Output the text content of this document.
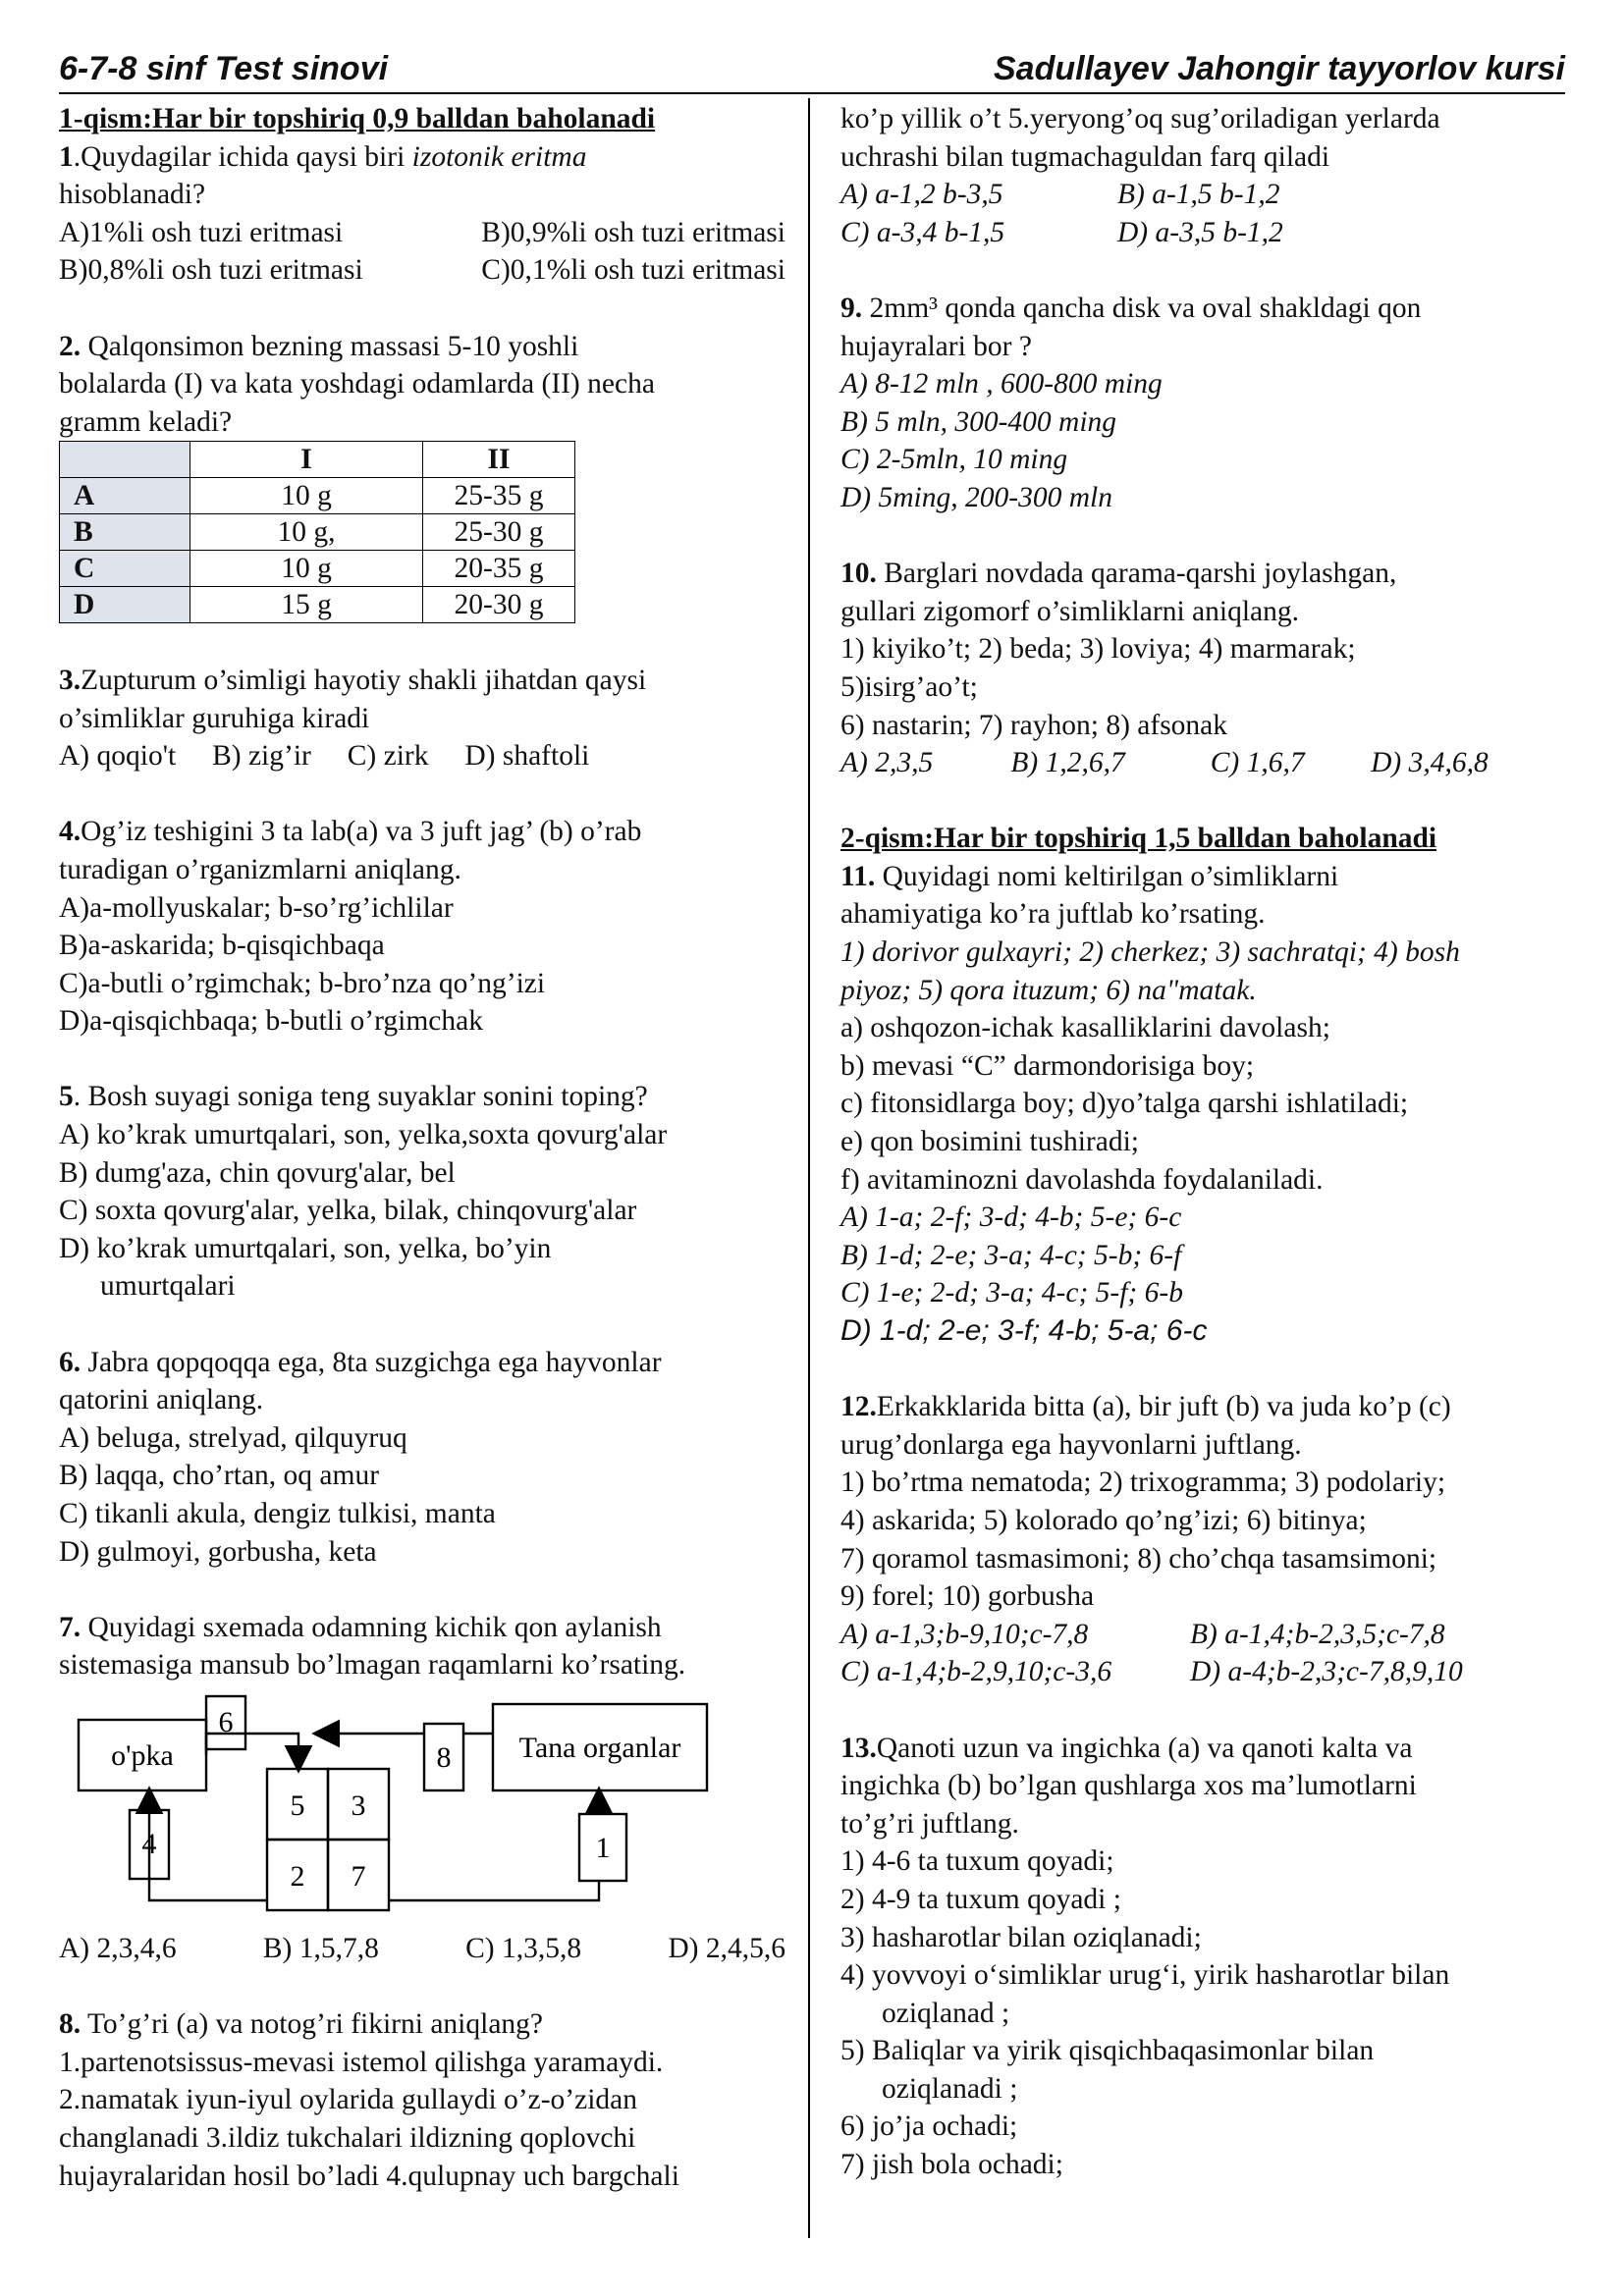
6-7-8 sinf Test sinovi	Sadullayev Jahongir tayyorlov kursi
1-qism:Har bir topshiriq 0,9 balldan baholanadi
1.Quydagilar ichida qaysi biri izotonik eritma
hisoblanadi?
A)1%li osh tuzi eritmasi	B)0,9%li osh tuzi eritmasi
B)0,8%li osh tuzi eritmasi	C)0,1%li osh tuzi eritmasi
2. Qalqonsimon bezning massasi 5-10 yoshli
bolalarda (I) va kata yoshdagi odamlarda (II) necha
gramm keladi?
	I	II
A	10 g	25-35 g
B	10 g,	25-30 g
C	10 g	20-35 g
D	15 g	20-30 g
3.Zupturum o’simligi hayotiy shakli jihatdan qaysi
o’simliklar guruhiga kiradi
A) qoqio't B) zig’ir C) zirk D) shaftoli
4.Og’iz teshigini 3 ta lab(a) va 3 juft jag’ (b) o’rab
turadigan o’rganizmlarni aniqlang.
A)a-mollyuskalar; b-so’rg’ichlilar
B)a-askarida; b-qisqichbaqa
C)a-butli o’rgimchak; b-bro’nza qo’ng’izi
D)a-qisqichbaqa; b-butli o’rgimchak
5. Bosh suyagi soniga teng suyaklar sonini toping?
A) ko’krak umurtqalari, son, yelka,soxta qovurg'alar
B) dumg'aza, chin qovurg'alar, bel
C) soxta qovurg'alar, yelka, bilak, chinqovurg'alar
D) ko’krak umurtqalari, son, yelka, bo’yin
umurtqalari
6. Jabra qopqoqqa ega, 8ta suzgichga ega hayvonlar
qatorini aniqlang.
A) beluga, strelyad, qilquyruq
B) laqqa, cho’rtan, oq amur
C) tikanli akula, dengiz tulkisi, manta
D) gulmoyi, gorbusha, keta
7. Quyidagi sxemada odamning kichik qon aylanish
sistemasiga mansub bo’lmagan raqamlarni ko’rsating.
o'pka
6
5 3
2 7
8 Tana organlar
4	1
A) 2,3,4,6	B) 1,5,7,8	C) 1,3,5,8	D) 2,4,5,6
8. To’g’ri (a) va notog’ri fikirni aniqlang?
1.partenotsissus-mevasi istemol qilishga yaramaydi.
2.namatak iyun-iyul oylarida gullaydi o’z-o’zidan
changlanadi 3.ildiz tukchalari ildizning qoplovchi
hujayralaridan hosil bo’ladi 4.qulupnay uch bargchali
ko’p yillik o’t 5.yeryong’oq sug’oriladigan yerlarda
uchrashi bilan tugmachaguldan farq qiladi
A) a-1,2 b-3,5	B) a-1,5 b-1,2
C) a-3,4 b-1,5	D) a-3,5 b-1,2
9. 2mm³ qonda qancha disk va oval shakldagi qon
hujayralari bor ?
A) 8-12 mln , 600-800 ming
B) 5 mln, 300-400 ming
C) 2-5mln, 10 ming
D) 5ming, 200-300 mln
10. Barglari novdada qarama-qarshi joylashgan,
gullari zigomorf o’simliklarni aniqlang.
1) kiyiko’t; 2) beda; 3) loviya; 4) marmarak;
5)isirg’ao’t;
6) nastarin; 7) rayhon; 8) afsonak
A) 2,3,5	B) 1,2,6,7	C) 1,6,7 D) 3,4,6,8
2-qism:Har bir topshiriq 1,5 balldan baholanadi
11. Quyidagi nomi keltirilgan o’simliklarni
ahamiyatiga ko’ra juftlab ko’rsating.
1) dorivor gulxayri; 2) cherkez; 3) sachratqi; 4) bosh
piyoz; 5) qora ituzum; 6) na"matak.
a) oshqozon-ichak kasalliklarini davolash;
b) mevasi “C” darmondorisiga boy;
c) fitonsidlarga boy; d)yo’talga qarshi ishlatiladi;
e) qon bosimini tushiradi;
f) avitaminozni davolashda foydalaniladi.
A) 1-a; 2-f; 3-d; 4-b; 5-e; 6-c
B) 1-d; 2-e; 3-a; 4-c; 5-b; 6-f
C) 1-e; 2-d; 3-a; 4-c; 5-f; 6-b
D) 1-d; 2-e; 3-f; 4-b; 5-a; 6-c
12.Erkakklarida bitta (a), bir juft (b) va juda ko’p (c)
urug’donlarga ega hayvonlarni juftlang.
1) bo’rtma nematoda; 2) trixogramma; 3) podolariy;
4) askarida; 5) kolorado qo’ng’izi; 6) bitinya;
7) qoramol tasmasimoni; 8) cho’chqa tasamsimoni;
9) forel; 10) gorbusha
A) a-1,3;b-9,10;c-7,8	B) a-1,4;b-2,3,5;c-7,8
C) a-1,4;b-2,9,10;c-3,6	D) a-4;b-2,3;c-7,8,9,10
13.Qanoti uzun va ingichka (a) va qanoti kalta va
ingichka (b) bo’lgan qushlarga xos ma’lumotlarni
to’g’ri juftlang.
1) 4-6 ta tuxum qoyadi;
2) 4-9 ta tuxum qoyadi ;
3) hasharotlar bilan oziqlanadi;
4) yovvoyi o‘simliklar urug‘i, yirik hasharotlar bilan
oziqlanad ;
5) Baliqlar va yirik qisqichbaqasimonlar bilan
oziqlanadi ;
6) jo’ja ochadi;
7) jish bola ochadi;
